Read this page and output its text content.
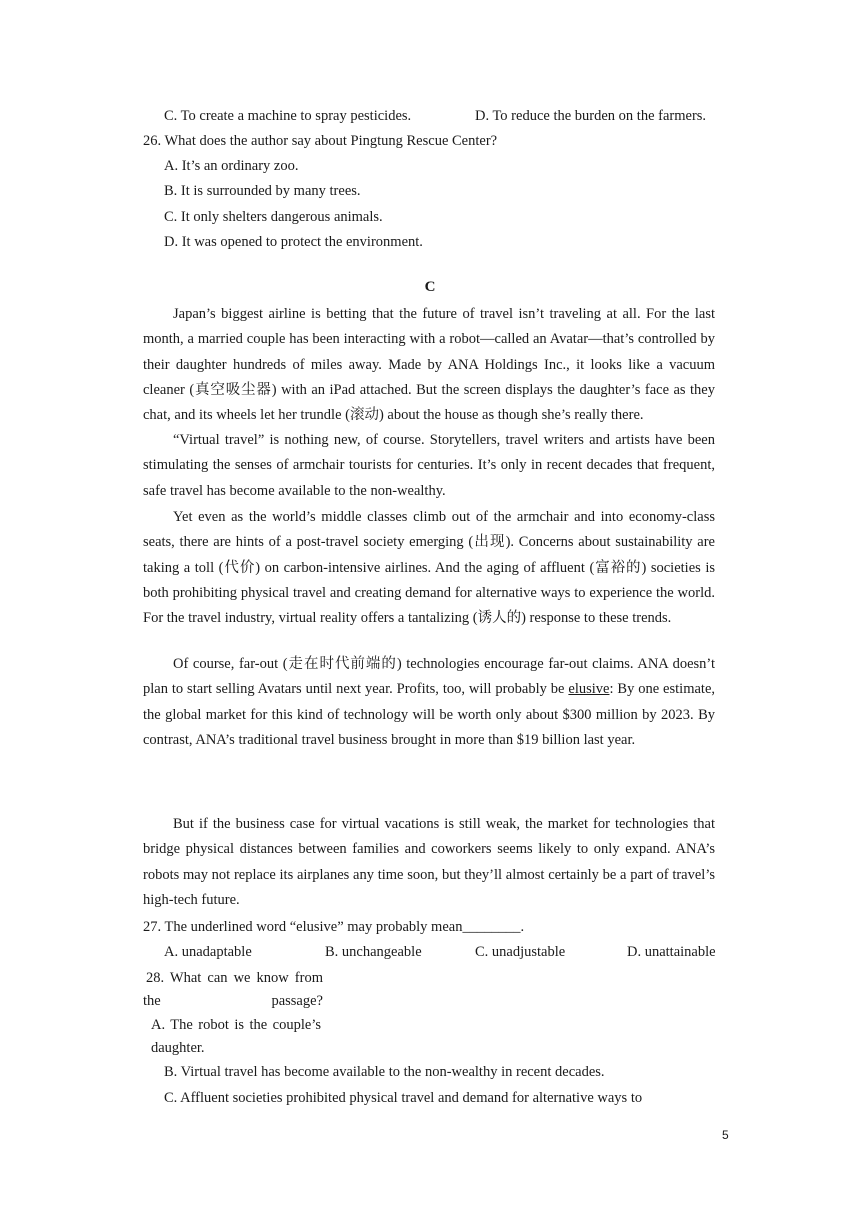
C. To create a machine to spray pesticides.	D. To reduce the burden on the farmers.
26. What does the author say about Pingtung Rescue Center?
A. It’s an ordinary zoo.
B. It is surrounded by many trees.
C. It only shelters dangerous animals.
D. It was opened to protect the environment.
C
Japan’s biggest airline is betting that the future of travel isn’t traveling at all. For the last month, a married couple has been interacting with a robot—called an Avatar—that’s controlled by their daughter hundreds of miles away. Made by ANA Holdings Inc., it looks like a vacuum cleaner (真空吸尘器) with an iPad attached. But the screen displays the daughter’s face as they chat, and its wheels let her trundle (滚动) about the house as though she’s really there.
“Virtual travel” is nothing new, of course. Storytellers, travel writers and artists have been stimulating the senses of armchair tourists for centuries. It’s only in recent decades that frequent, safe travel has become available to the non-wealthy.
Yet even as the world’s middle classes climb out of the armchair and into economy-class seats, there are hints of a post-travel society emerging (出现). Concerns about sustainability are taking a toll (代价) on carbon-intensive airlines. And the aging of affluent (富裕的) societies is both prohibiting physical travel and creating demand for alternative ways to experience the world. For the travel industry, virtual reality offers a tantalizing (诱人的) response to these trends.
Of course, far-out (走在时代前端的) technologies encourage far-out claims. ANA doesn’t plan to start selling Avatars until next year. Profits, too, will probably be elusive: By one estimate, the global market for this kind of technology will be worth only about $300 million by 2023. By contrast, ANA’s traditional travel business brought in more than $19 billion last year.
But if the business case for virtual vacations is still weak, the market for technologies that bridge physical distances between families and coworkers seems likely to only expand. ANA’s robots may not replace its airplanes any time soon, but they’ll almost certainly be a part of travel’s high-tech future.
27. The underlined word “elusive” may probably mean________.
A. unadaptable	B. unchangeable	C. unadjustable	D. unattainable
28. What can we know from
the passage?
A. The robot is the couple’s
daughter.
B. Virtual travel has become available to the non-wealthy in recent decades.
C. Affluent societies prohibited physical travel and demand for alternative ways to
5
